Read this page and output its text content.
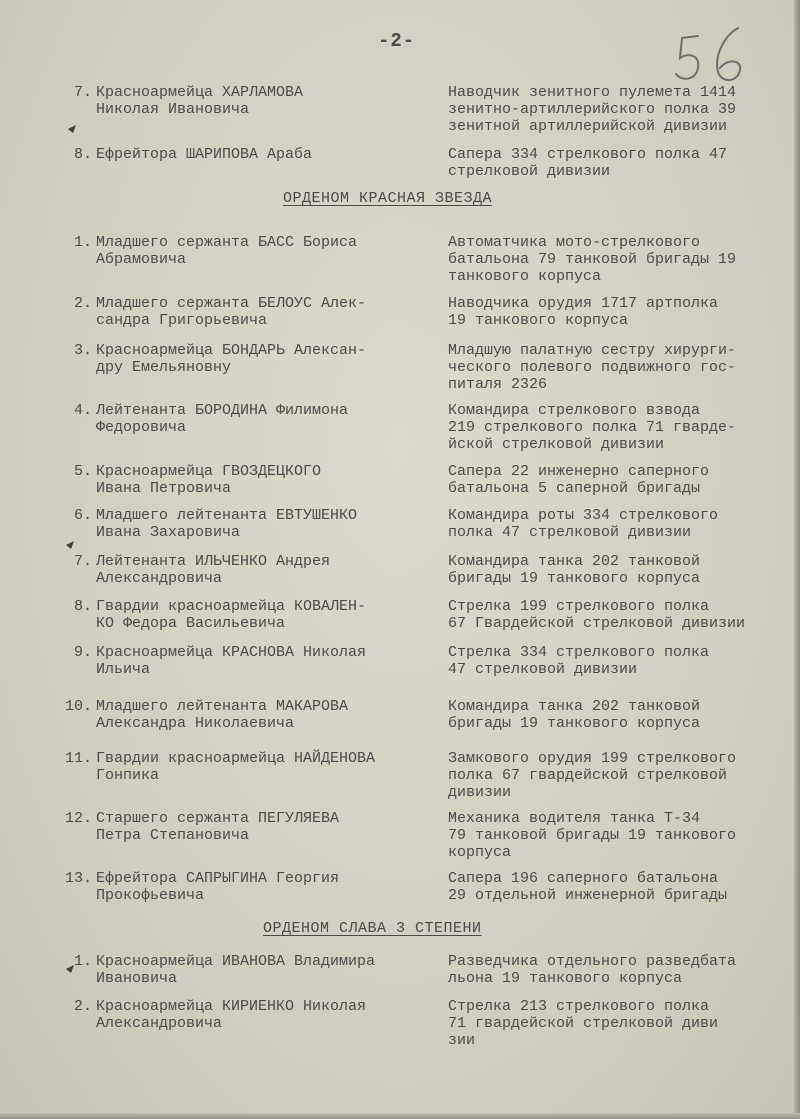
-2-
7. Красноармейца ХАРЛАМОВА
Николая Ивановича
Наводчик зенитного пулемета 1414
зенитно-артиллерийского полка 39
зенитной артиллерийской дивизии
8. Ефрейтора ШАРИПОВА Араба	Сапера 334 стрелкового полка 47
стрелковой дивизии
ОРДЕНОМ КРАСНАЯ ЗВЕЗДА
1. Младшего сержанта БАСС Бориса
Абрамовича
Автоматчика мото-стрелкового
батальона 79 танковой бригады 19
танкового корпуса
2. Младшего сержанта БЕЛОУС Алек-
сандра Григорьевича
Наводчика орудия 1717 артполка
19 танкового корпуса
3. Красноармейца БОНДАРЬ Алексан-
дру Емельяновну
Младшую палатную сестру хирурги-
ческого полевого подвижного гос-
питаля 2326
4. Лейтенанта БОРОДИНА Филимона
Федоровича
Командира стрелкового взвода
219 стрелкового полка 71 гварде-
йской стрелковой дивизии
5. Красноармейца ГВОЗДЕЦКОГО
Ивана Петровича
Сапера 22 инженерно саперного
батальона 5 саперной бригады
6. Младшего лейтенанта ЕВТУШЕНКО
Ивана Захаровича
Командира роты 334 стрелкового
полка 47 стрелковой дивизии
7. Лейтенанта ИЛЬЧЕНКО Андрея
Александровича
Командира танка 202 танковой
бригады 19 танкового корпуса
8. Гвардии красноармейца КОВАЛЕН-
КО Федора Васильевича
Стрелка 199 стрелкового полка
67 Гвардейской стрелковой дивизии
9. Красноармейца КРАСНОВА Николая
Ильича
Стрелка 334 стрелкового полка
47 стрелковой дивизии
10. Младшего лейтенанта МАКАРОВА
Александра Николаевича
Командира танка 202 танковой
бригады 19 танкового корпуса
11. Гвардии красноармейца НАЙДЕНОВА
Гонпика
Замкового орудия 199 стрелкового
полка 67 гвардейской стрелковой
дивизии
12. Старшего сержанта ПЕГУЛЯЕВА
Петра Степановича
Механика водителя танка Т-34
79 танковой бригады 19 танкового
корпуса
13. Ефрейтора САПРЫГИНА Георгия
Прокофьевича
Сапера 196 саперного батальона
29 отдельной инженерной бригады
ОРДЕНОМ СЛАВА 3 СТЕПЕНИ
1. Красноармейца ИВАНОВА Владимира
Ивановича
Разведчика отдельного разведбата
льона 19 танкового корпуса
2. Красноармейца КИРИЕНКО Николая
Александровича
Стрелка 213 стрелкового полка
71 гвардейской стрелковой диви
зии
